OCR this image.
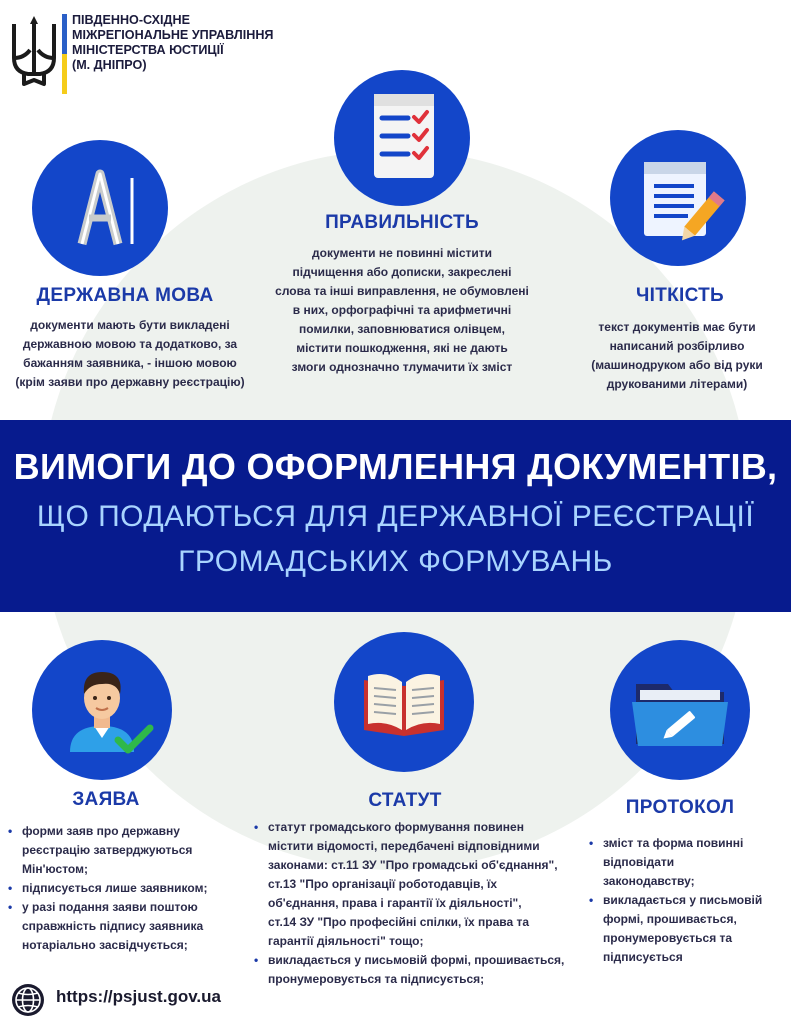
ПІВДЕННО-СХІДНЕ
МІЖРЕГІОНАЛЬНЕ УПРАВЛІННЯ
МІНІСТЕРСТВА ЮСТИЦІЇ
(М. ДНІПРО)
ПРАВИЛЬНІСТЬ
ДЕРЖАВНА МОВА	ЧІТКІСТЬ
документи не повинні містити
підчищення або дописки, закреслені
слова та інші виправлення, не обумовлені
в них, орфографічні та арифметичні
помилки, заповнюватися олівцем,
містити пошкодження, які не дають
змоги однозначно тлумачити їх зміст
документи мають бути викладені
державною мовою та додатково, за
бажанням заявника, - іншою мовою
(крім заяви про державну реєстрацію)
текст документів має бути
написаний розбірливо
(машинодруком або від руки
друкованими літерами)
ВИМОГИ ДО ОФОРМЛЕННЯ ДОКУМЕНТІВ,
ЩО ПОДАЮТЬСЯ ДЛЯ ДЕРЖАВНОЇ РЕЄСТРАЦІЇ
ГРОМАДСЬКИХ ФОРМУВАНЬ
ЗАЯВА	СТАТУТ	ПРОТОКОЛ
• форми заяв про державну
реєстрацію затверджуються
Мін'юстом;
• підписується лише заявником;
• у разі подання заяви поштою
справжність підпису заявника
нотаріально засвідчується;
• статут громадського формування повинен
містити відомості, передбачені відповідними
законами: ст.11 ЗУ "Про громадські об'єднання",
ст.13 "Про організації роботодавців, їх
об'єднання, права і гарантії їх діяльності",
ст.14 ЗУ "Про професійні спілки, їх права та
гарантії діяльності" тощо;
• викладається у письмовій формі, прошивається,
пронумеровується та підписується;
• зміст та форма повинні
відповідати
законодавству;
• викладається у письмовій
формі, прошивається,
пронумеровується та
підписується
https://psjust.gov.ua
